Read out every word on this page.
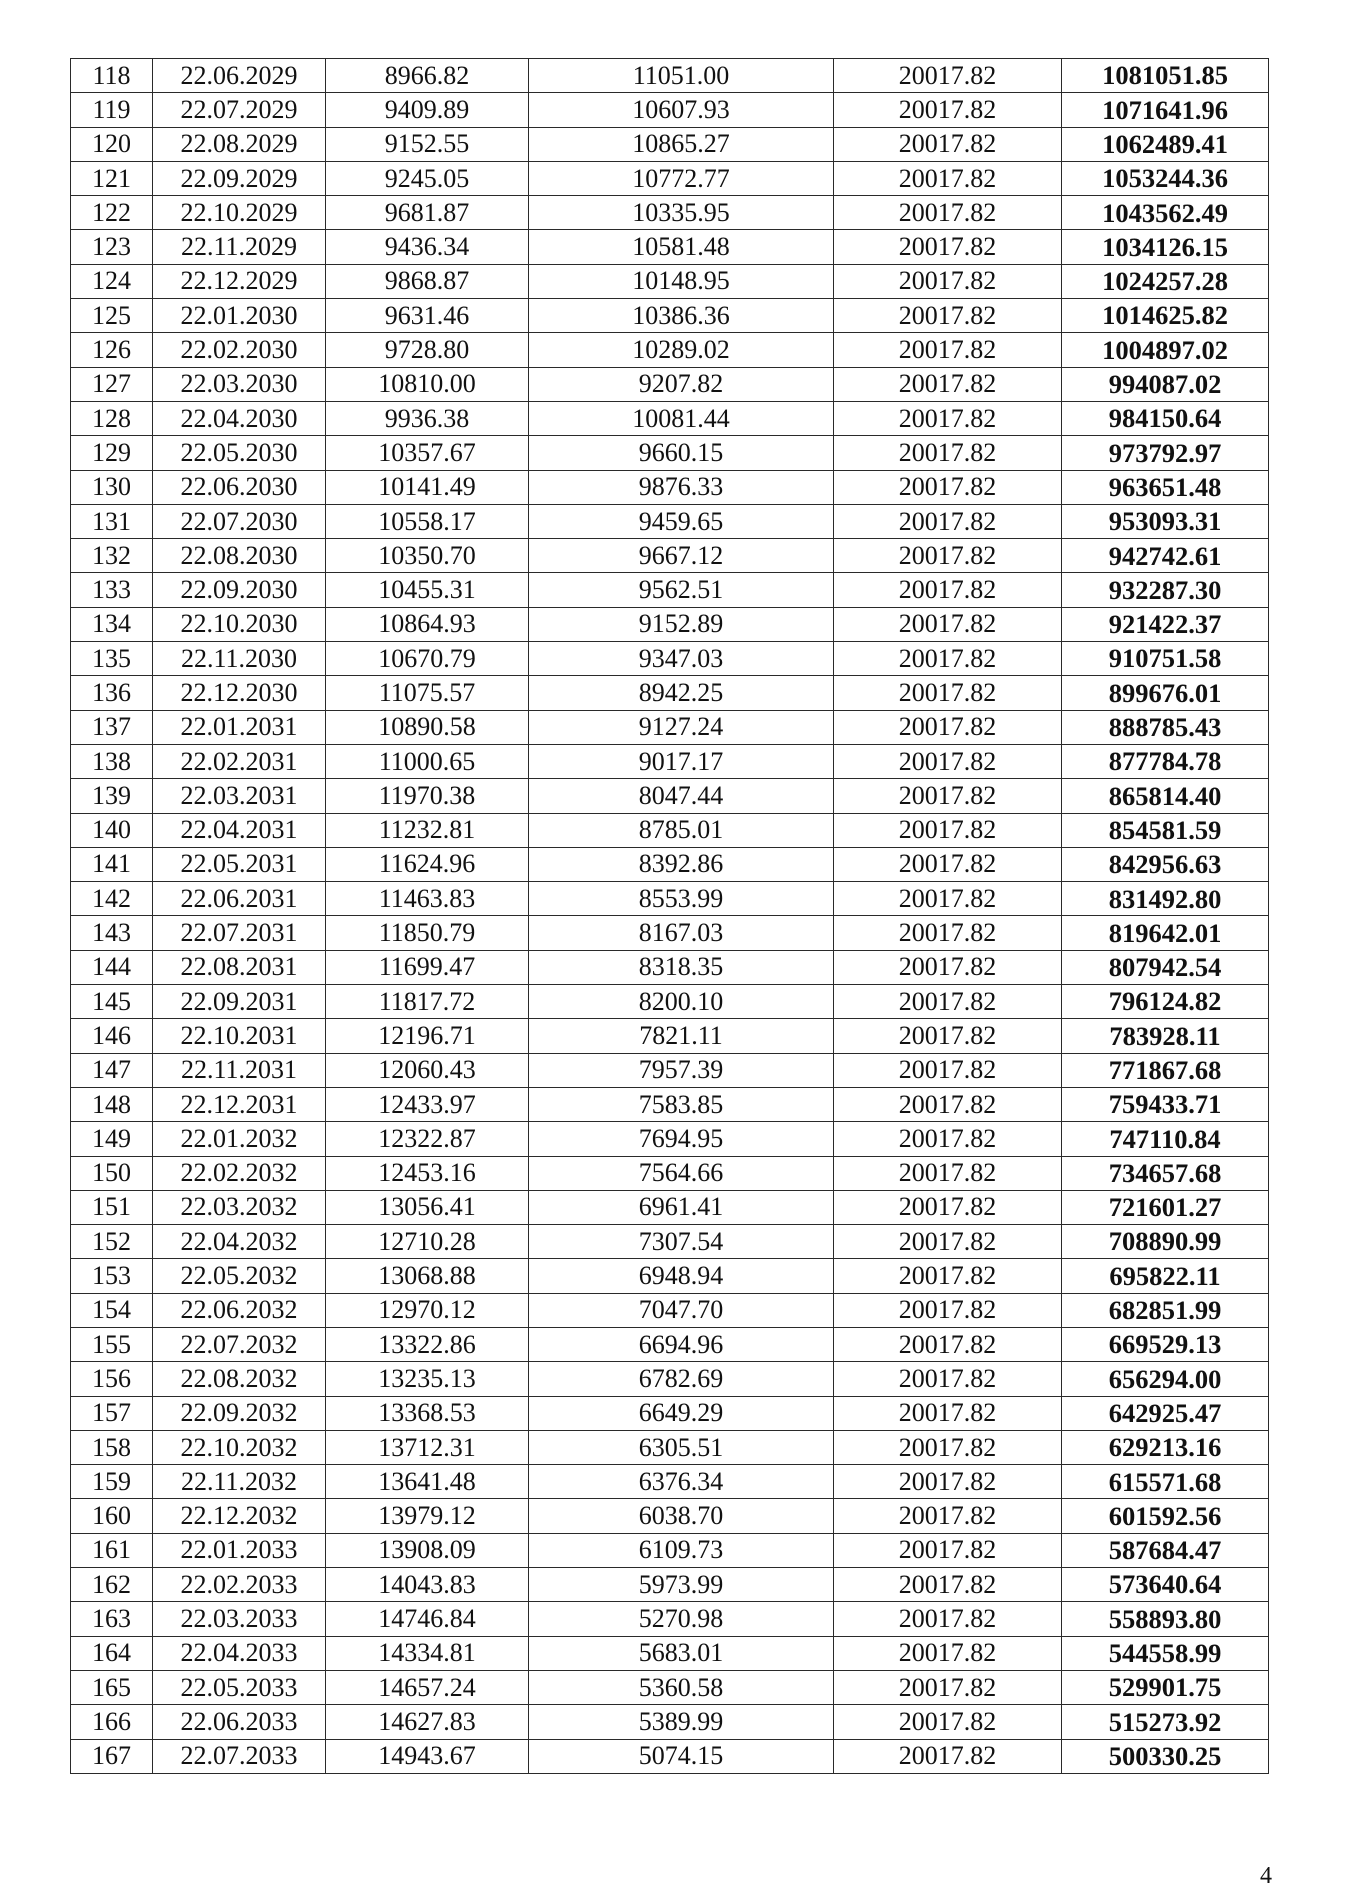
118	22.06.2029	8966.82	11051.00	20017.82	1081051.85
119	22.07.2029	9409.89	10607.93	20017.82	1071641.96
120	22.08.2029	9152.55	10865.27	20017.82	1062489.41
121	22.09.2029	9245.05	10772.77	20017.82	1053244.36
122	22.10.2029	9681.87	10335.95	20017.82	1043562.49
123	22.11.2029	9436.34	10581.48	20017.82	1034126.15
124	22.12.2029	9868.87	10148.95	20017.82	1024257.28
125	22.01.2030	9631.46	10386.36	20017.82	1014625.82
126	22.02.2030	9728.80	10289.02	20017.82	1004897.02
127	22.03.2030	10810.00	9207.82	20017.82	994087.02
128	22.04.2030	9936.38	10081.44	20017.82	984150.64
129	22.05.2030	10357.67	9660.15	20017.82	973792.97
130	22.06.2030	10141.49	9876.33	20017.82	963651.48
131	22.07.2030	10558.17	9459.65	20017.82	953093.31
132	22.08.2030	10350.70	9667.12	20017.82	942742.61
133	22.09.2030	10455.31	9562.51	20017.82	932287.30
134	22.10.2030	10864.93	9152.89	20017.82	921422.37
135	22.11.2030	10670.79	9347.03	20017.82	910751.58
136	22.12.2030	11075.57	8942.25	20017.82	899676.01
137	22.01.2031	10890.58	9127.24	20017.82	888785.43
138	22.02.2031	11000.65	9017.17	20017.82	877784.78
139	22.03.2031	11970.38	8047.44	20017.82	865814.40
140	22.04.2031	11232.81	8785.01	20017.82	854581.59
141	22.05.2031	11624.96	8392.86	20017.82	842956.63
142	22.06.2031	11463.83	8553.99	20017.82	831492.80
143	22.07.2031	11850.79	8167.03	20017.82	819642.01
144	22.08.2031	11699.47	8318.35	20017.82	807942.54
145	22.09.2031	11817.72	8200.10	20017.82	796124.82
146	22.10.2031	12196.71	7821.11	20017.82	783928.11
147	22.11.2031	12060.43	7957.39	20017.82	771867.68
148	22.12.2031	12433.97	7583.85	20017.82	759433.71
149	22.01.2032	12322.87	7694.95	20017.82	747110.84
150	22.02.2032	12453.16	7564.66	20017.82	734657.68
151	22.03.2032	13056.41	6961.41	20017.82	721601.27
152	22.04.2032	12710.28	7307.54	20017.82	708890.99
153	22.05.2032	13068.88	6948.94	20017.82	695822.11
154	22.06.2032	12970.12	7047.70	20017.82	682851.99
155	22.07.2032	13322.86	6694.96	20017.82	669529.13
156	22.08.2032	13235.13	6782.69	20017.82	656294.00
157	22.09.2032	13368.53	6649.29	20017.82	642925.47
158	22.10.2032	13712.31	6305.51	20017.82	629213.16
159	22.11.2032	13641.48	6376.34	20017.82	615571.68
160	22.12.2032	13979.12	6038.70	20017.82	601592.56
161	22.01.2033	13908.09	6109.73	20017.82	587684.47
162	22.02.2033	14043.83	5973.99	20017.82	573640.64
163	22.03.2033	14746.84	5270.98	20017.82	558893.80
164	22.04.2033	14334.81	5683.01	20017.82	544558.99
165	22.05.2033	14657.24	5360.58	20017.82	529901.75
166	22.06.2033	14627.83	5389.99	20017.82	515273.92
167	22.07.2033	14943.67	5074.15	20017.82	500330.25
4
